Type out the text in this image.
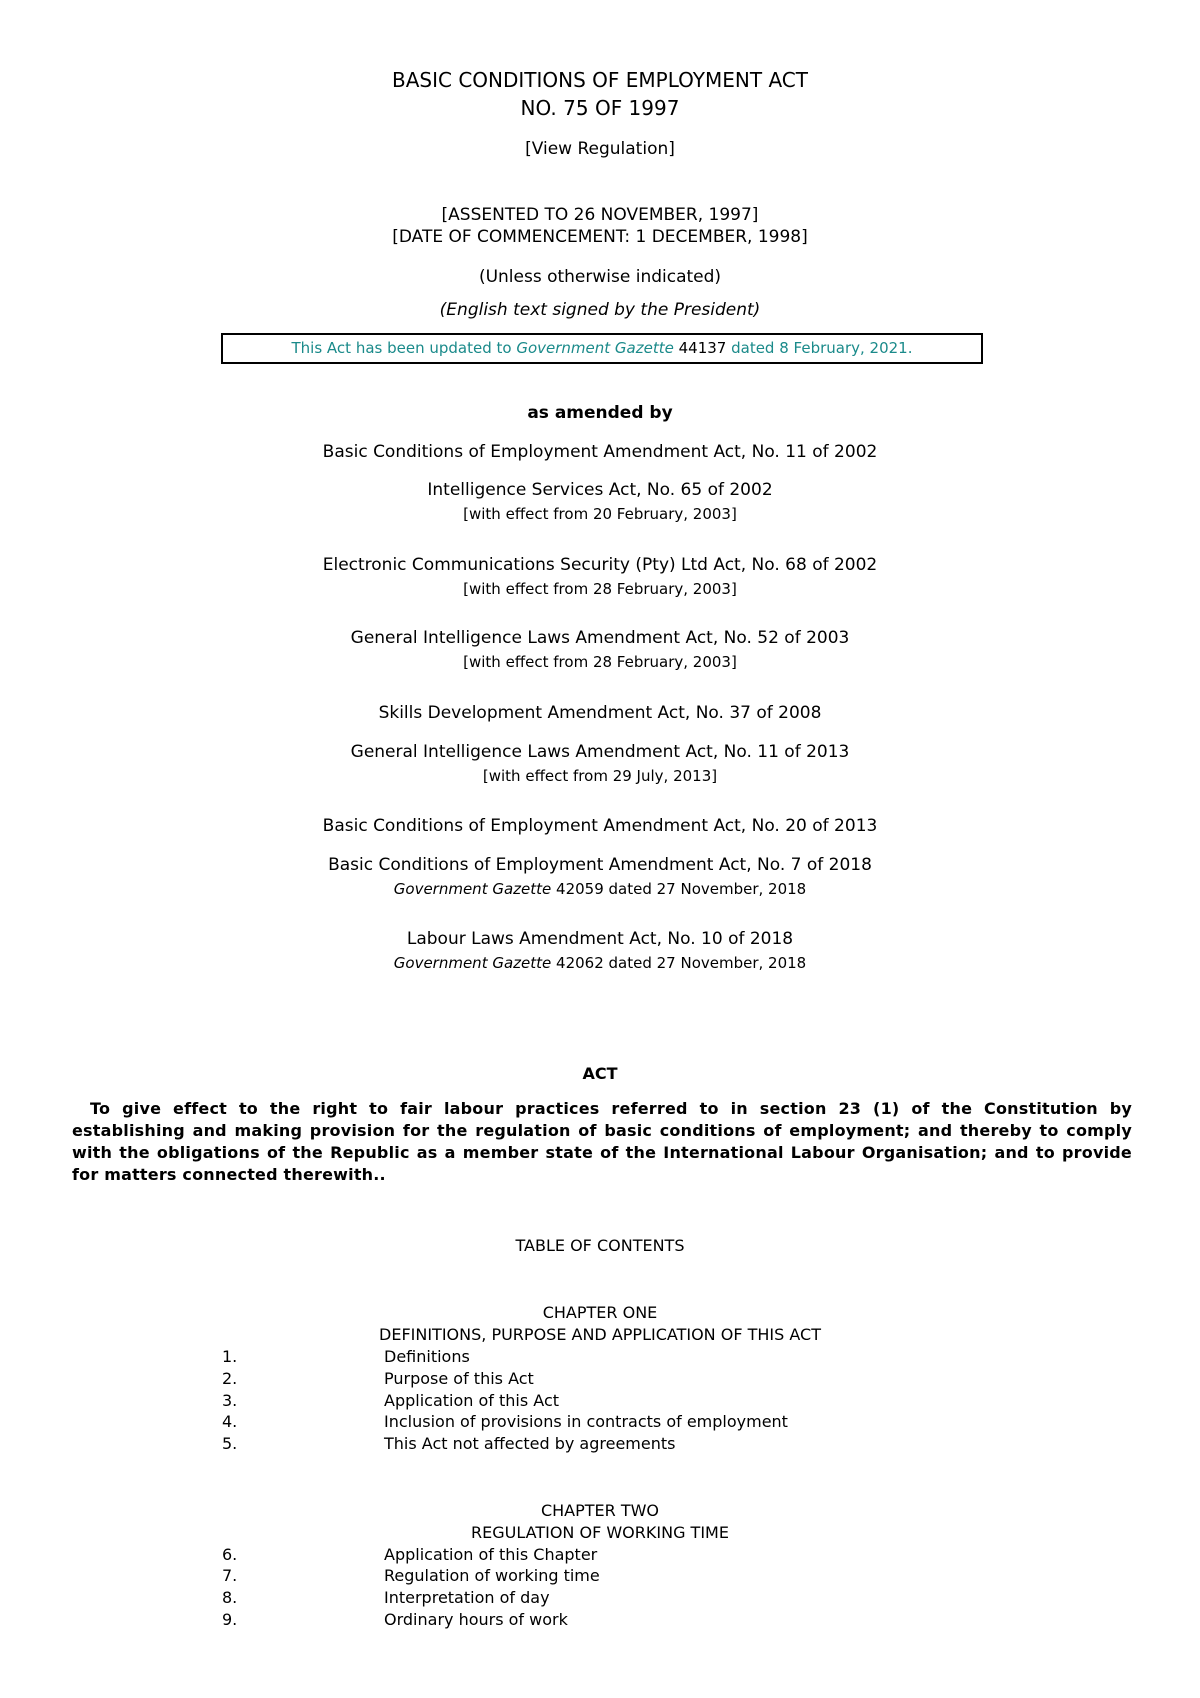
BASIC CONDITIONS OF EMPLOYMENT ACT
NO. 75 OF 1997
[View Regulation]
[ASSENTED TO 26 NOVEMBER, 1997]
[DATE OF COMMENCEMENT: 1 DECEMBER, 1998]
(Unless otherwise indicated)
(English text signed by the President)
This Act has been updated to Government Gazette 44137 dated 8 February, 2021.
as amended by
Basic Conditions of Employment Amendment Act, No. 11 of 2002
Intelligence Services Act, No. 65 of 2002
[with effect from 20 February, 2003]
Electronic Communications Security (Pty) Ltd Act, No. 68 of 2002
[with effect from 28 February, 2003]
General Intelligence Laws Amendment Act, No. 52 of 2003
[with effect from 28 February, 2003]
Skills Development Amendment Act, No. 37 of 2008
General Intelligence Laws Amendment Act, No. 11 of 2013
[with effect from 29 July, 2013]
Basic Conditions of Employment Amendment Act, No. 20 of 2013
Basic Conditions of Employment Amendment Act, No. 7 of 2018
Government Gazette 42059 dated 27 November, 2018
Labour Laws Amendment Act, No. 10 of 2018
Government Gazette 42062 dated 27 November, 2018
ACT
To give effect to the right to fair labour practices referred to in section 23 (1) of the Constitution by establishing and making provision for the regulation of basic conditions of employment; and thereby to comply with the obligations of the Republic as a member state of the International Labour Organisation; and to provide for matters connected therewith..
TABLE OF CONTENTS
CHAPTER ONE
DEFINITIONS, PURPOSE AND APPLICATION OF THIS ACT
1.	Definitions
2.	Purpose of this Act
3.	Application of this Act
4.	Inclusion of provisions in contracts of employment
5.	This Act not affected by agreements
CHAPTER TWO
REGULATION OF WORKING TIME
6.	Application of this Chapter
7.	Regulation of working time
8.	Interpretation of day
9.	Ordinary hours of work
